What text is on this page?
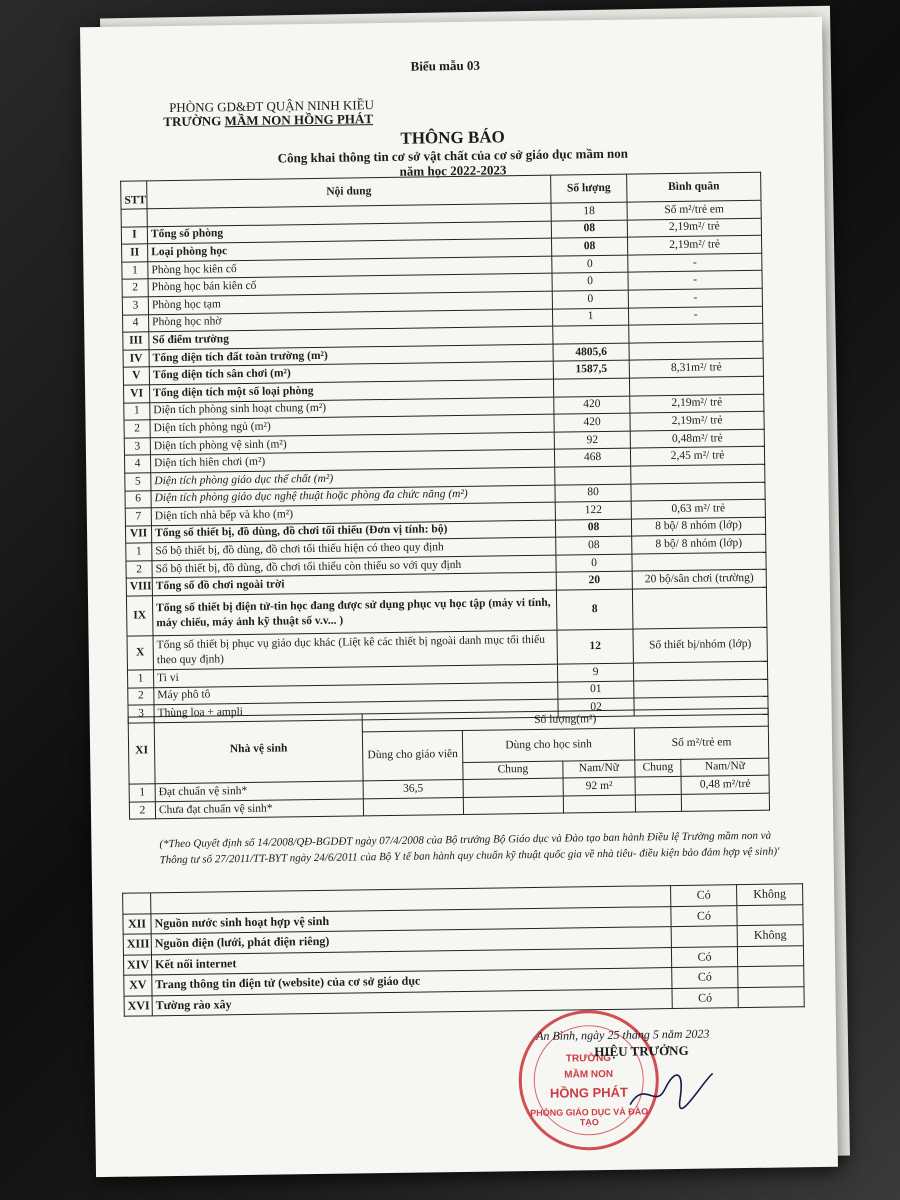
Biểu mẫu 03
PHÒNG GD&ĐT QUẬN NINH KIỀU
TRƯỜNG MẦM NON HỒNG PHÁT
THÔNG BÁO
Công khai thông tin cơ sở vật chất của cơ sở giáo dục mầm non
năm học 2022-2023
STT	Nội dung	Số lượng	Bình quân
		18	Số m²/trẻ em
I	Tổng số phòng	08	2,19m²/ trẻ
II	Loại phòng học	08	2,19m²/ trẻ
1	Phòng học kiên cố	0	-
2	Phòng học bán kiên cố	0	-
3	Phòng học tạm	0	-
4	Phòng học nhờ	1	-
III	Số điểm trường		
IV	Tổng diện tích đất toàn trường (m²)	4805,6	
V	Tổng diện tích sân chơi (m²)	1587,5	8,31m²/ trẻ
VI	Tổng diện tích một số loại phòng		
1	Diện tích phòng sinh hoạt chung (m²)	420	2,19m²/ trẻ
2	Diện tích phòng ngủ (m²)	420	2,19m²/ trẻ
3	Diện tích phòng vệ sinh (m²)	92	0,48m²/ trẻ
4	Diện tích hiên chơi (m²)	468	2,45 m²/ trẻ
5	Diện tích phòng giáo dục thể chất (m²)		
6	Diện tích phòng giáo dục nghệ thuật hoặc phòng đa chức năng (m²)	80	
7	Diện tích nhà bếp và kho (m²)	122	0,63 m²/ trẻ
VII	Tổng số thiết bị, đồ dùng, đồ chơi tối thiểu (Đơn vị tính: bộ)	08	8 bộ/ 8 nhóm (lớp)
1	Số bộ thiết bị, đồ dùng, đồ chơi tối thiểu hiện có theo quy định	08	8 bộ/ 8 nhóm (lớp)
2	Số bộ thiết bị, đồ dùng, đồ chơi tối thiểu còn thiếu so với quy định	0	
VIII	Tổng số đồ chơi ngoài trời	20	20 bộ/sân chơi (trường)
IX	Tổng số thiết bị điện tử-tin học đang được sử dụng phục vụ học tập (máy vi tính, máy chiếu, máy ảnh kỹ thuật số v.v... )	8	
X	Tổng số thiết bị phục vụ giáo dục khác (Liệt kê các thiết bị ngoài danh mục tối thiểu theo quy định)	12	Số thiết bị/nhóm (lớp)
1	Ti vi	9	
2	Máy phô tô	01	
3	Thùng loa + ampli	02	
XI	Nhà vệ sinh	Số lượng(m²)				
		Dùng cho giáo viên	Dùng cho học sinh		Số m²/trẻ em	
			Chung	Nam/Nữ	Chung	Nam/Nữ
1	Đạt chuẩn vệ sinh*	36,5		92 m²		0,48 m²/trẻ
2	Chưa đạt chuẩn vệ sinh*					
(*Theo Quyết định số 14/2008/QĐ-BGDĐT ngày 07/4/2008 của Bộ trưởng Bộ Giáo dục và Đào tạo ban hành Điều lệ Trường mầm non và Thông tư số 27/2011/TT-BYT ngày 24/6/2011 của Bộ Y tế ban hành quy chuẩn kỹ thuật quốc gia về nhà tiêu- điều kiện bảo đảm hợp vệ sinh)'
		Có	Không
XII	Nguồn nước sinh hoạt hợp vệ sinh	Có	
XIII	Nguồn điện (lưới, phát điện riêng)		Không
XIV	Kết nối internet	Có	
XV	Trang thông tin điện tử (website) của cơ sở giáo dục	Có	
XVI	Tường rào xây	Có	
TRƯỜNG
MẦM NON
HỒNG PHÁT
PHÒNG GIÁO DỤC VÀ ĐÀO TẠO
An Bình, ngày 25 tháng 5 năm 2023
HIỆU TRƯỞNG
